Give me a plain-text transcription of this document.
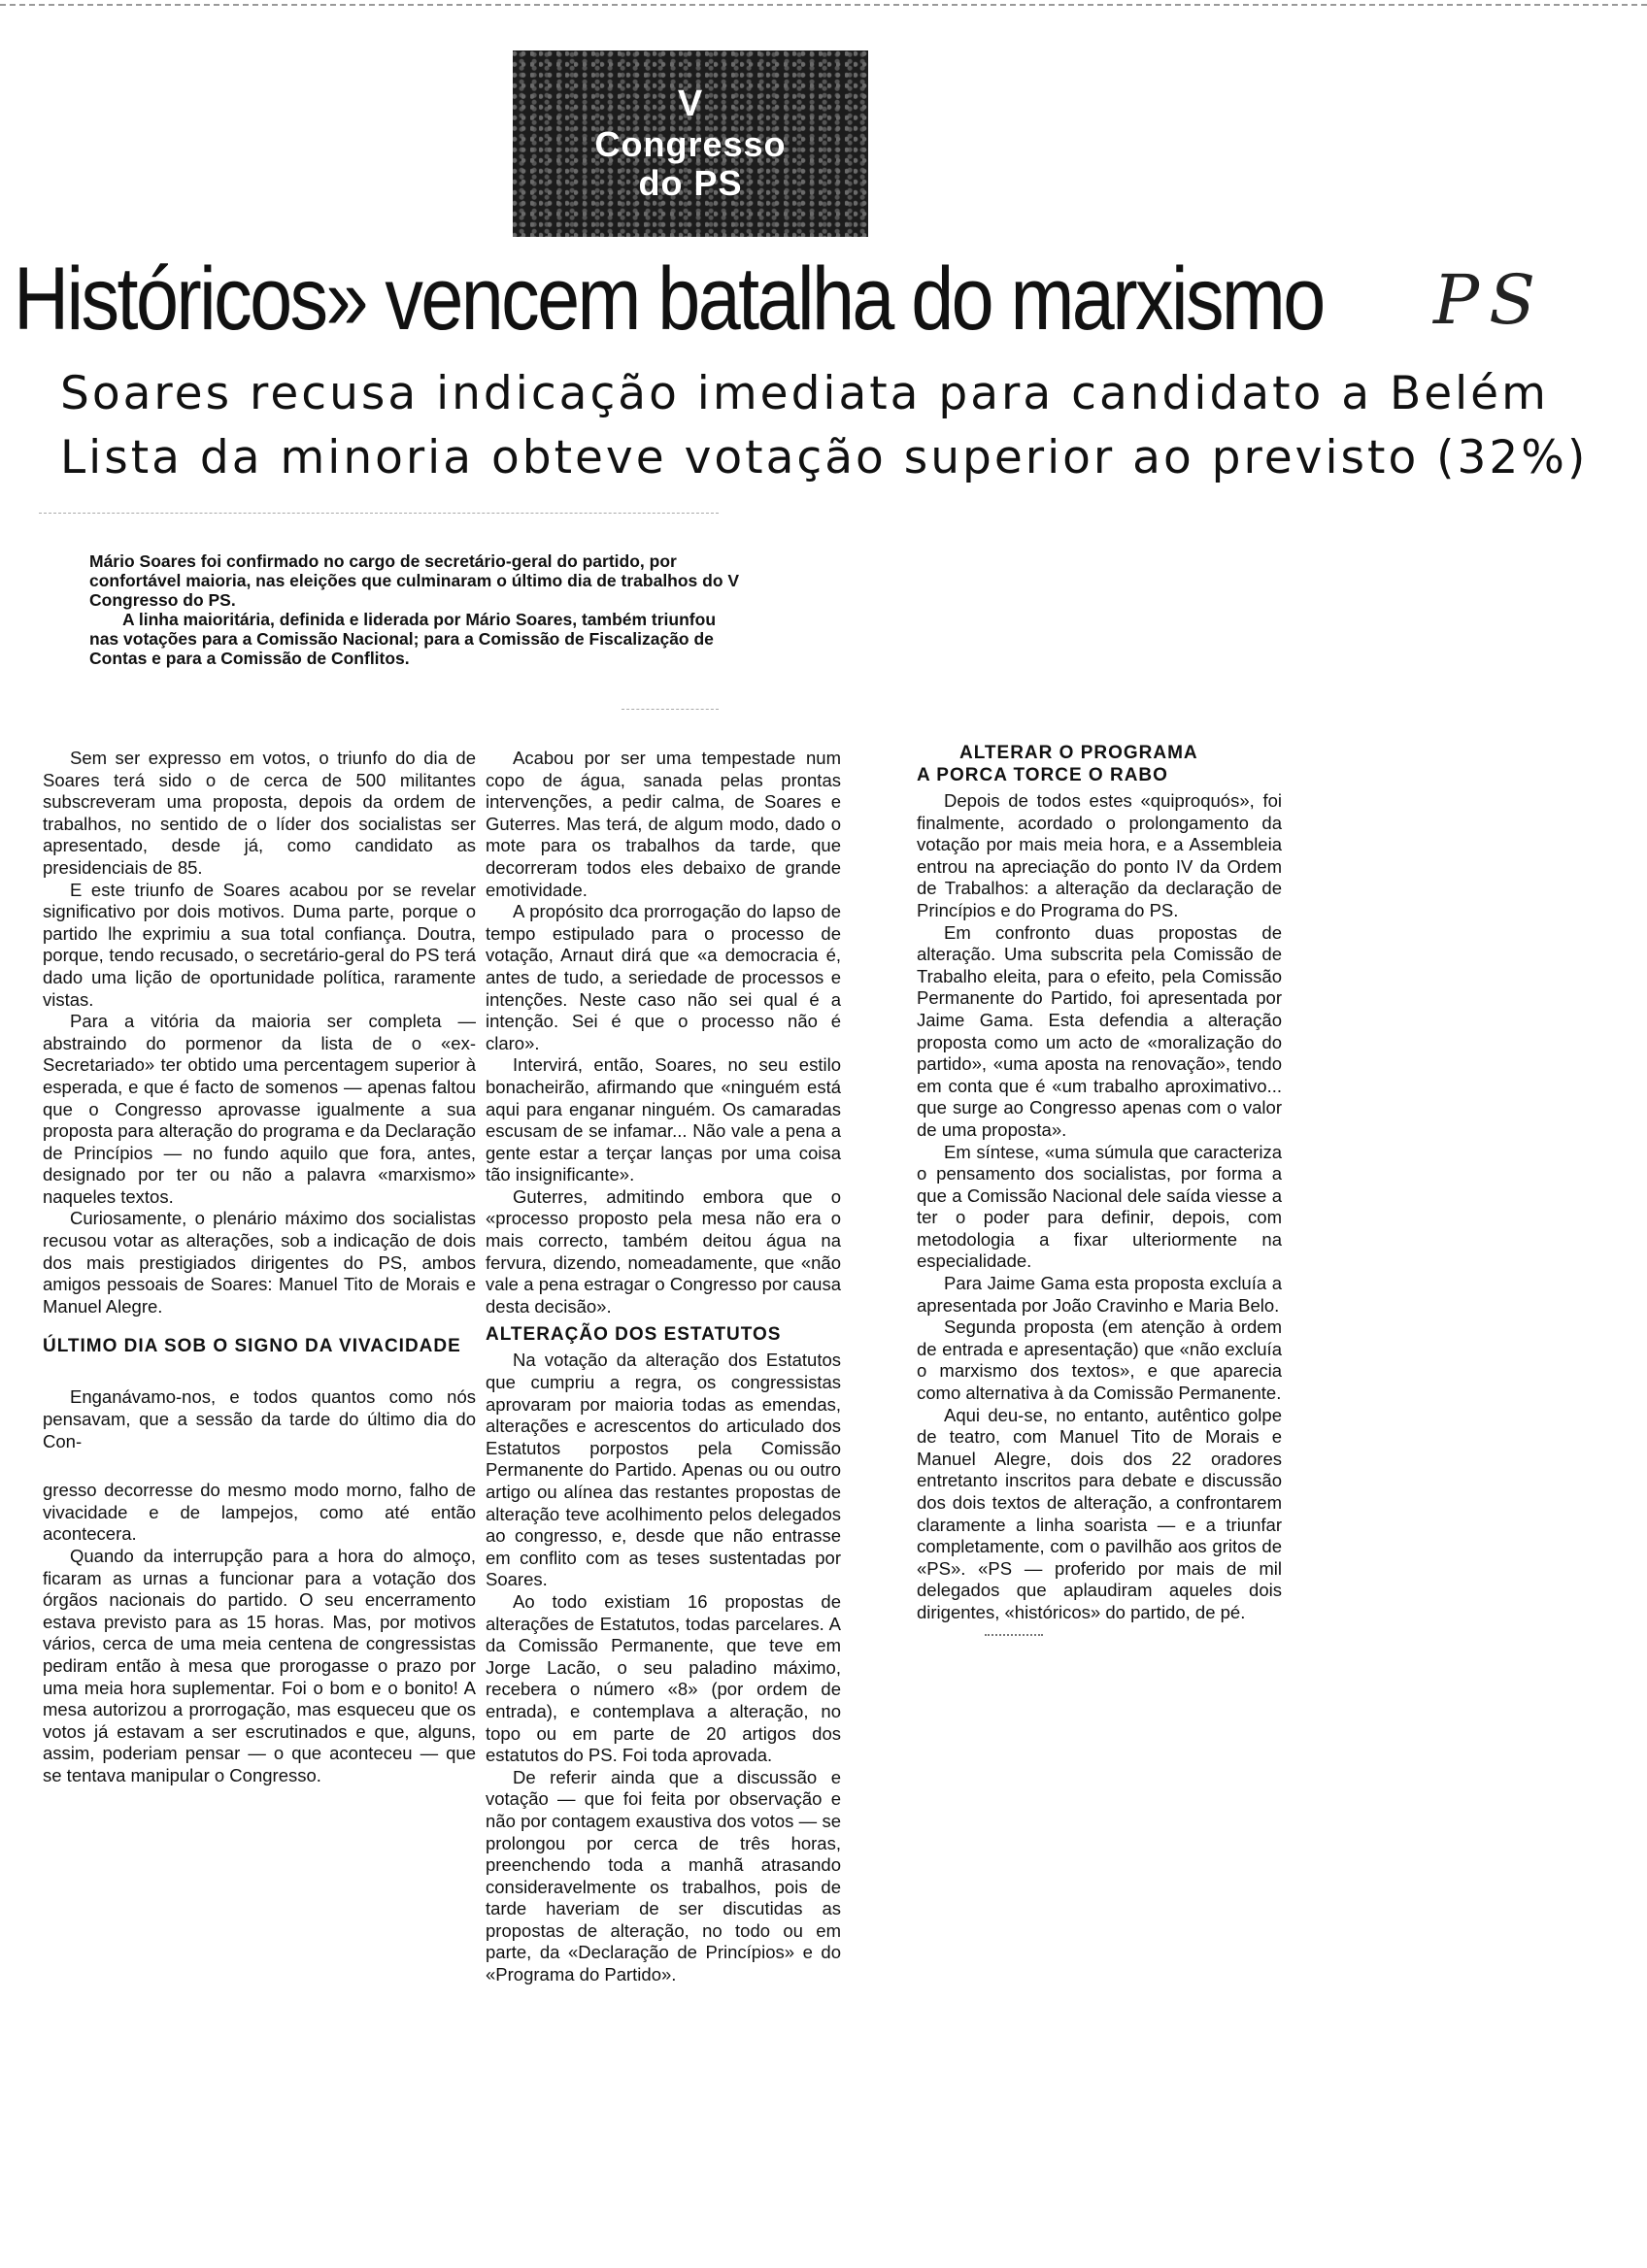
V
Congresso
do PS
Históricos» vencem batalha do marxismo PS
Soares recusa indicação imediata para candidato a Belém
Lista da minoria obteve votação superior ao previsto (32%)

Mário Soares foi confirmado no cargo de secretário-geral do partido, por confortável maioria, nas eleições que culminaram o último dia de trabalhos do V Congresso do PS.

A linha maioritária, definida e liderada por Mário Soares, também triunfou nas votações para a Comissão Nacional; para a Comissão de Fiscalização de Contas e para a Comissão de Conflitos.

Sem ser expresso em votos, o triunfo do dia de Soares terá sido o de cerca de 500 militantes subscreveram uma proposta, depois da ordem de trabalhos, no sentido de o líder dos socialistas ser apresentado, desde já, como candidato as presidenciais de 85.

E este triunfo de Soares acabou por se revelar significativo por dois motivos. Duma parte, porque o partido lhe exprimiu a sua total confiança. Doutra, porque, tendo recusado, o secretário-geral do PS terá dado uma lição de oportunidade política, raramente vistas.

Para a vitória da maioria ser completa — abstraindo do pormenor da lista de o «ex-Secretariado» ter obtido uma percentagem superior à esperada, e que é facto de somenos — apenas faltou que o Congresso aprovasse igualmente a sua proposta para alteração do programa e da Declaração de Princípios — no fundo aquilo que fora, antes, designado por ter ou não a palavra «marxismo» naqueles textos.

Curiosamente, o plenário máximo dos socialistas recusou votar as alterações, sob a indicação de dois dos mais prestigiados dirigentes do PS, ambos amigos pessoais de Soares: Manuel Tito de Morais e Manuel Alegre.

ÚLTIMO DIA SOB O SIGNO DA VIVACIDADE

Enganávamo-nos, e todos quantos como nós pensavam, que a sessão da tarde do último dia do Con-

gresso decorresse do mesmo modo morno, falho de vivacidade e de lampejos, como até então acontecera.

Quando da interrupção para a hora do almoço, ficaram as urnas a funcionar para a votação dos órgãos nacionais do partido. O seu encerramento estava previsto para as 15 horas. Mas, por motivos vários, cerca de uma meia centena de congressistas pediram então à mesa que prorogasse o prazo por uma meia hora suplementar. Foi o bom e o bonito! A mesa autorizou a prorrogação, mas esqueceu que os votos já estavam a ser escrutinados e que, alguns, assim, poderiam pensar — o que aconteceu — que se tentava manipular o Congresso.

Acabou por ser uma tempestade num copo de água, sanada pelas prontas intervenções, a pedir calma, de Soares e Guterres. Mas terá, de algum modo, dado o mote para os trabalhos da tarde, que decorreram todos eles debaixo de grande emotividade.

A propósito dca prorrogação do lapso de tempo estipulado para o processo de votação, Arnaut dirá que «a democracia é, antes de tudo, a seriedade de processos e intenções. Neste caso não sei qual é a intenção. Sei é que o processo não é claro».

Intervirá, então, Soares, no seu estilo bonacheirão, afirmando que «ninguém está aqui para enganar ninguém. Os camaradas escusam de se infamar... Não vale a pena a gente estar a terçar lanças por uma coisa tão insignificante».

Guterres, admitindo embora que o «processo proposto pela mesa não era o mais correcto, também deitou água na fervura, dizendo, nomeadamente, que «não vale a pena estragar o Congresso por causa desta decisão».

ALTERAÇÃO DOS ESTATUTOS

Na votação da alteração dos Estatutos que cumpriu a regra, os congressistas aprovaram por maioria todas as emendas, alterações e acrescentos do articulado dos Estatutos porpostos pela Comissão Permanente do Partido. Apenas ou ou outro artigo ou alínea das restantes propostas de alteração teve acolhimento pelos delegados ao congresso, e, desde que não entrasse em conflito com as teses sustentadas por Soares.

Ao todo existiam 16 propostas de alterações de Estatutos, todas parcelares. A da Comissão Permanente, que teve em Jorge Lacão, o seu paladino máximo, recebera o número «8» (por ordem de entrada), e contemplava a alteração, no topo ou em parte de 20 artigos dos estatutos do PS. Foi toda aprovada.

De referir ainda que a discussão e votação — que foi feita por observação e não por contagem exaustiva dos votos — se prolongou por cerca de três horas, preenchendo toda a manhã atrasando consideravelmente os trabalhos, pois de tarde haveriam de ser discutidas as propostas de alteração, no todo ou em parte, da «Declaração de Princípios» e do «Programa do Partido».

ALTERAR O PROGRAMA
A PORCA TORCE O RABO

Depois de todos estes «quiproquós», foi finalmente, acordado o prolongamento da votação por mais meia hora, e a Assembleia entrou na apreciação do ponto IV da Ordem de Trabalhos: a alteração da declaração de Princípios e do Programa do PS.

Em confronto duas propostas de alteração. Uma subscrita pela Comissão de Trabalho eleita, para o efeito, pela Comissão Permanente do Partido, foi apresentada por Jaime Gama. Esta defendia a alteração proposta como um acto de «moralização do partido», «uma aposta na renovação», tendo em conta que é «um trabalho aproximativo... que surge ao Congresso apenas com o valor de uma proposta».

Em síntese, «uma súmula que caracteriza o pensamento dos socialistas, por forma a que a Comissão Nacional dele saída viesse a ter o poder para definir, depois, com metodologia a fixar ulteriormente na especialidade.

Para Jaime Gama esta proposta excluía a apresentada por João Cravinho e Maria Belo.

Segunda proposta (em atenção à ordem de entrada e apresentação) que «não excluía o marxismo dos textos», e que aparecia como alternativa à da Comissão Permanente.

Aqui deu-se, no entanto, autêntico golpe de teatro, com Manuel Tito de Morais e Manuel Alegre, dois dos 22 oradores entretanto inscritos para debate e discussão dos dois textos de alteração, a confrontarem claramente a linha soarista — e a triunfar completamente, com o pavilhão aos gritos de «PS». «PS — proferido por mais de mil delegados que aplaudiram aqueles dois dirigentes, «históricos» do partido, de pé.
